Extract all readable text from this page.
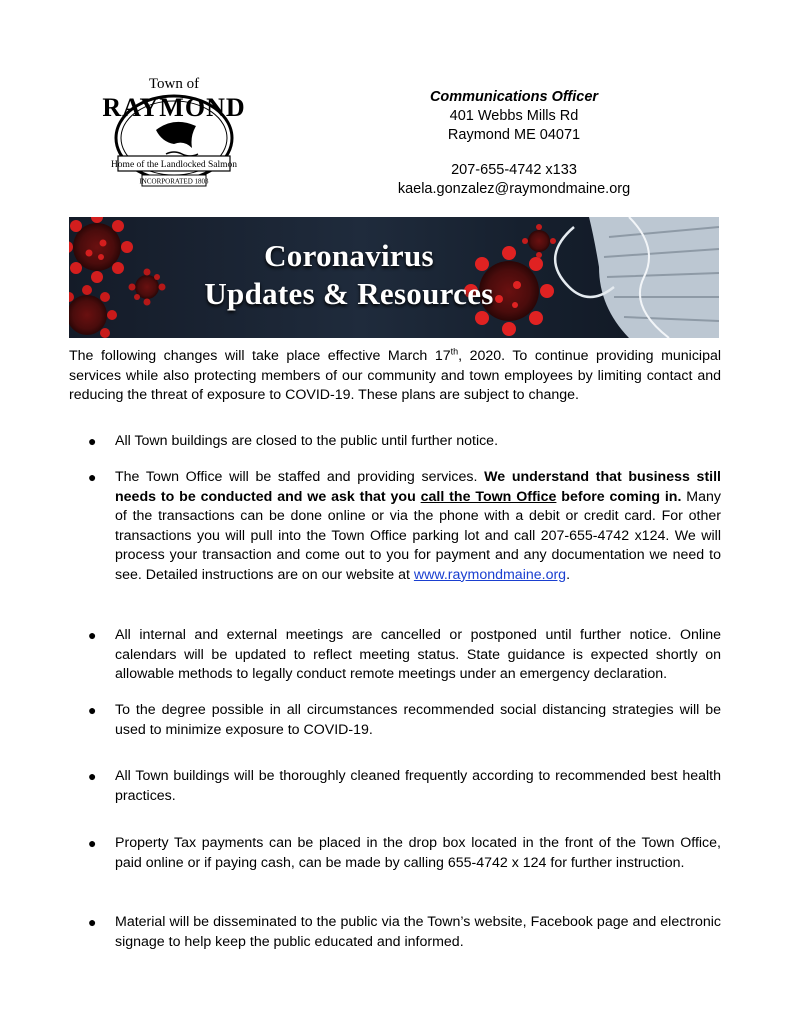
Town of
RAYMOND
Home of the Landlocked Salmon
INCORPORATED 1803
Communications Officer
401 Webbs Mills Rd
Raymond ME 04071
207-655-4742 x133
kaela.gonzalez@raymondmaine.org
Coronavirus
Updates & Resources
The following changes will take place effective March 17th, 2020. To continue providing municipal services while also protecting members of our community and town employees by limiting contact and reducing the threat of exposure to COVID-19. These plans are subject to change.
● All Town buildings are closed to the public until further notice.
● The Town Office will be staffed and providing services. We understand that business still needs to be conducted and we ask that you call the Town Office before coming in. Many of the transactions can be done online or via the phone with a debit or credit card. For other transactions you will pull into the Town Office parking lot and call 207-655-4742 x124. We will process your transaction and come out to you for payment and any documentation we need to see. Detailed instructions are on our website at www.raymondmaine.org.
● All internal and external meetings are cancelled or postponed until further notice. Online calendars will be updated to reflect meeting status. State guidance is expected shortly on allowable methods to legally conduct remote meetings under an emergency declaration.
● To the degree possible in all circumstances recommended social distancing strategies will be used to minimize exposure to COVID-19.
● All Town buildings will be thoroughly cleaned frequently according to recommended best health practices.
● Property Tax payments can be placed in the drop box located in the front of the Town Office, paid online or if paying cash, can be made by calling 655-4742 x 124 for further instruction.
● Material will be disseminated to the public via the Town’s website, Facebook page and electronic signage to help keep the public educated and informed.
